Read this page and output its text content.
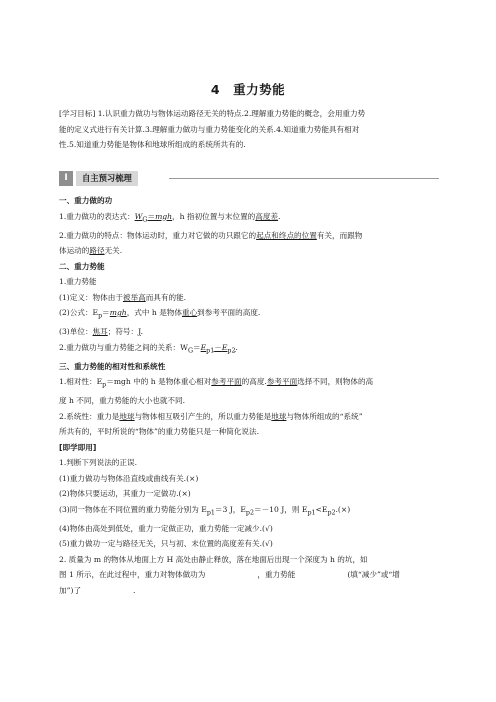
4　重力势能
[学习目标] 1.认识重力做功与物体运动路径无关的特点.2.理解重力势能的概念，会用重力势
能的定义式进行有关计算.3.理解重力做功与重力势能变化的关系.4.知道重力势能具有相对
性.5.知道重力势能是物体和地球所组成的系统所共有的.
Ⅰ	自主预习梳理
一、重力做的功
1.重力做功的表达式：$W_G=mgh$，h 指初位置与末位置的高度差.
2.重力做功的特点：物体运动时，重力对它做的功只跟它的起点和终点的位置有关，而跟物
体运动的路径无关.
二、重力势能
1.重力势能
(1)定义：物体由于被举高而具有的能.
(2)公式：$E_p=mgh$，式中 h 是物体重心到参考平面的高度.
(3)单位：焦耳；符号：J.
2.重力做功与重力势能之间的关系：$W_G=E_{p1}-E_{p2}$.
三、重力势能的相对性和系统性
1.相对性：$E_p=mgh$ 中的 h 是物体重心相对参考平面的高度.参考平面选择不同，则物体的高
度 h 不同，重力势能的大小也就不同.
2.系统性：重力是地球与物体相互吸引产生的，所以重力势能是地球与物体所组成的“系统”
所共有的，平时所说的“物体”的重力势能只是一种简化说法.
[即学即用]
1.判断下列说法的正误.
(1)重力做功与物体沿直线或曲线有关.(×)
(2)物体只要运动，其重力一定做功.(×)
(3)同一物体在不同位置的重力势能分别为 $E_{p1}=3$ J，$E_{p2}=-10$ J，则 $E_{p1}<E_{p2}.(\times)$
(4)物体由高处到低处，重力一定做正功，重力势能一定减少.(√)
(5)重力做功一定与路径无关，只与初、末位置的高度差有关.(√)
2. 质量为 m 的物体从地面上方 H 高处由静止释放，落在地面后出现一个深度为 h 的坑，如
图 1 所示，在此过程中，重力对物体做功为	，重力势能	(填“减少”或“增
加”)了	.
